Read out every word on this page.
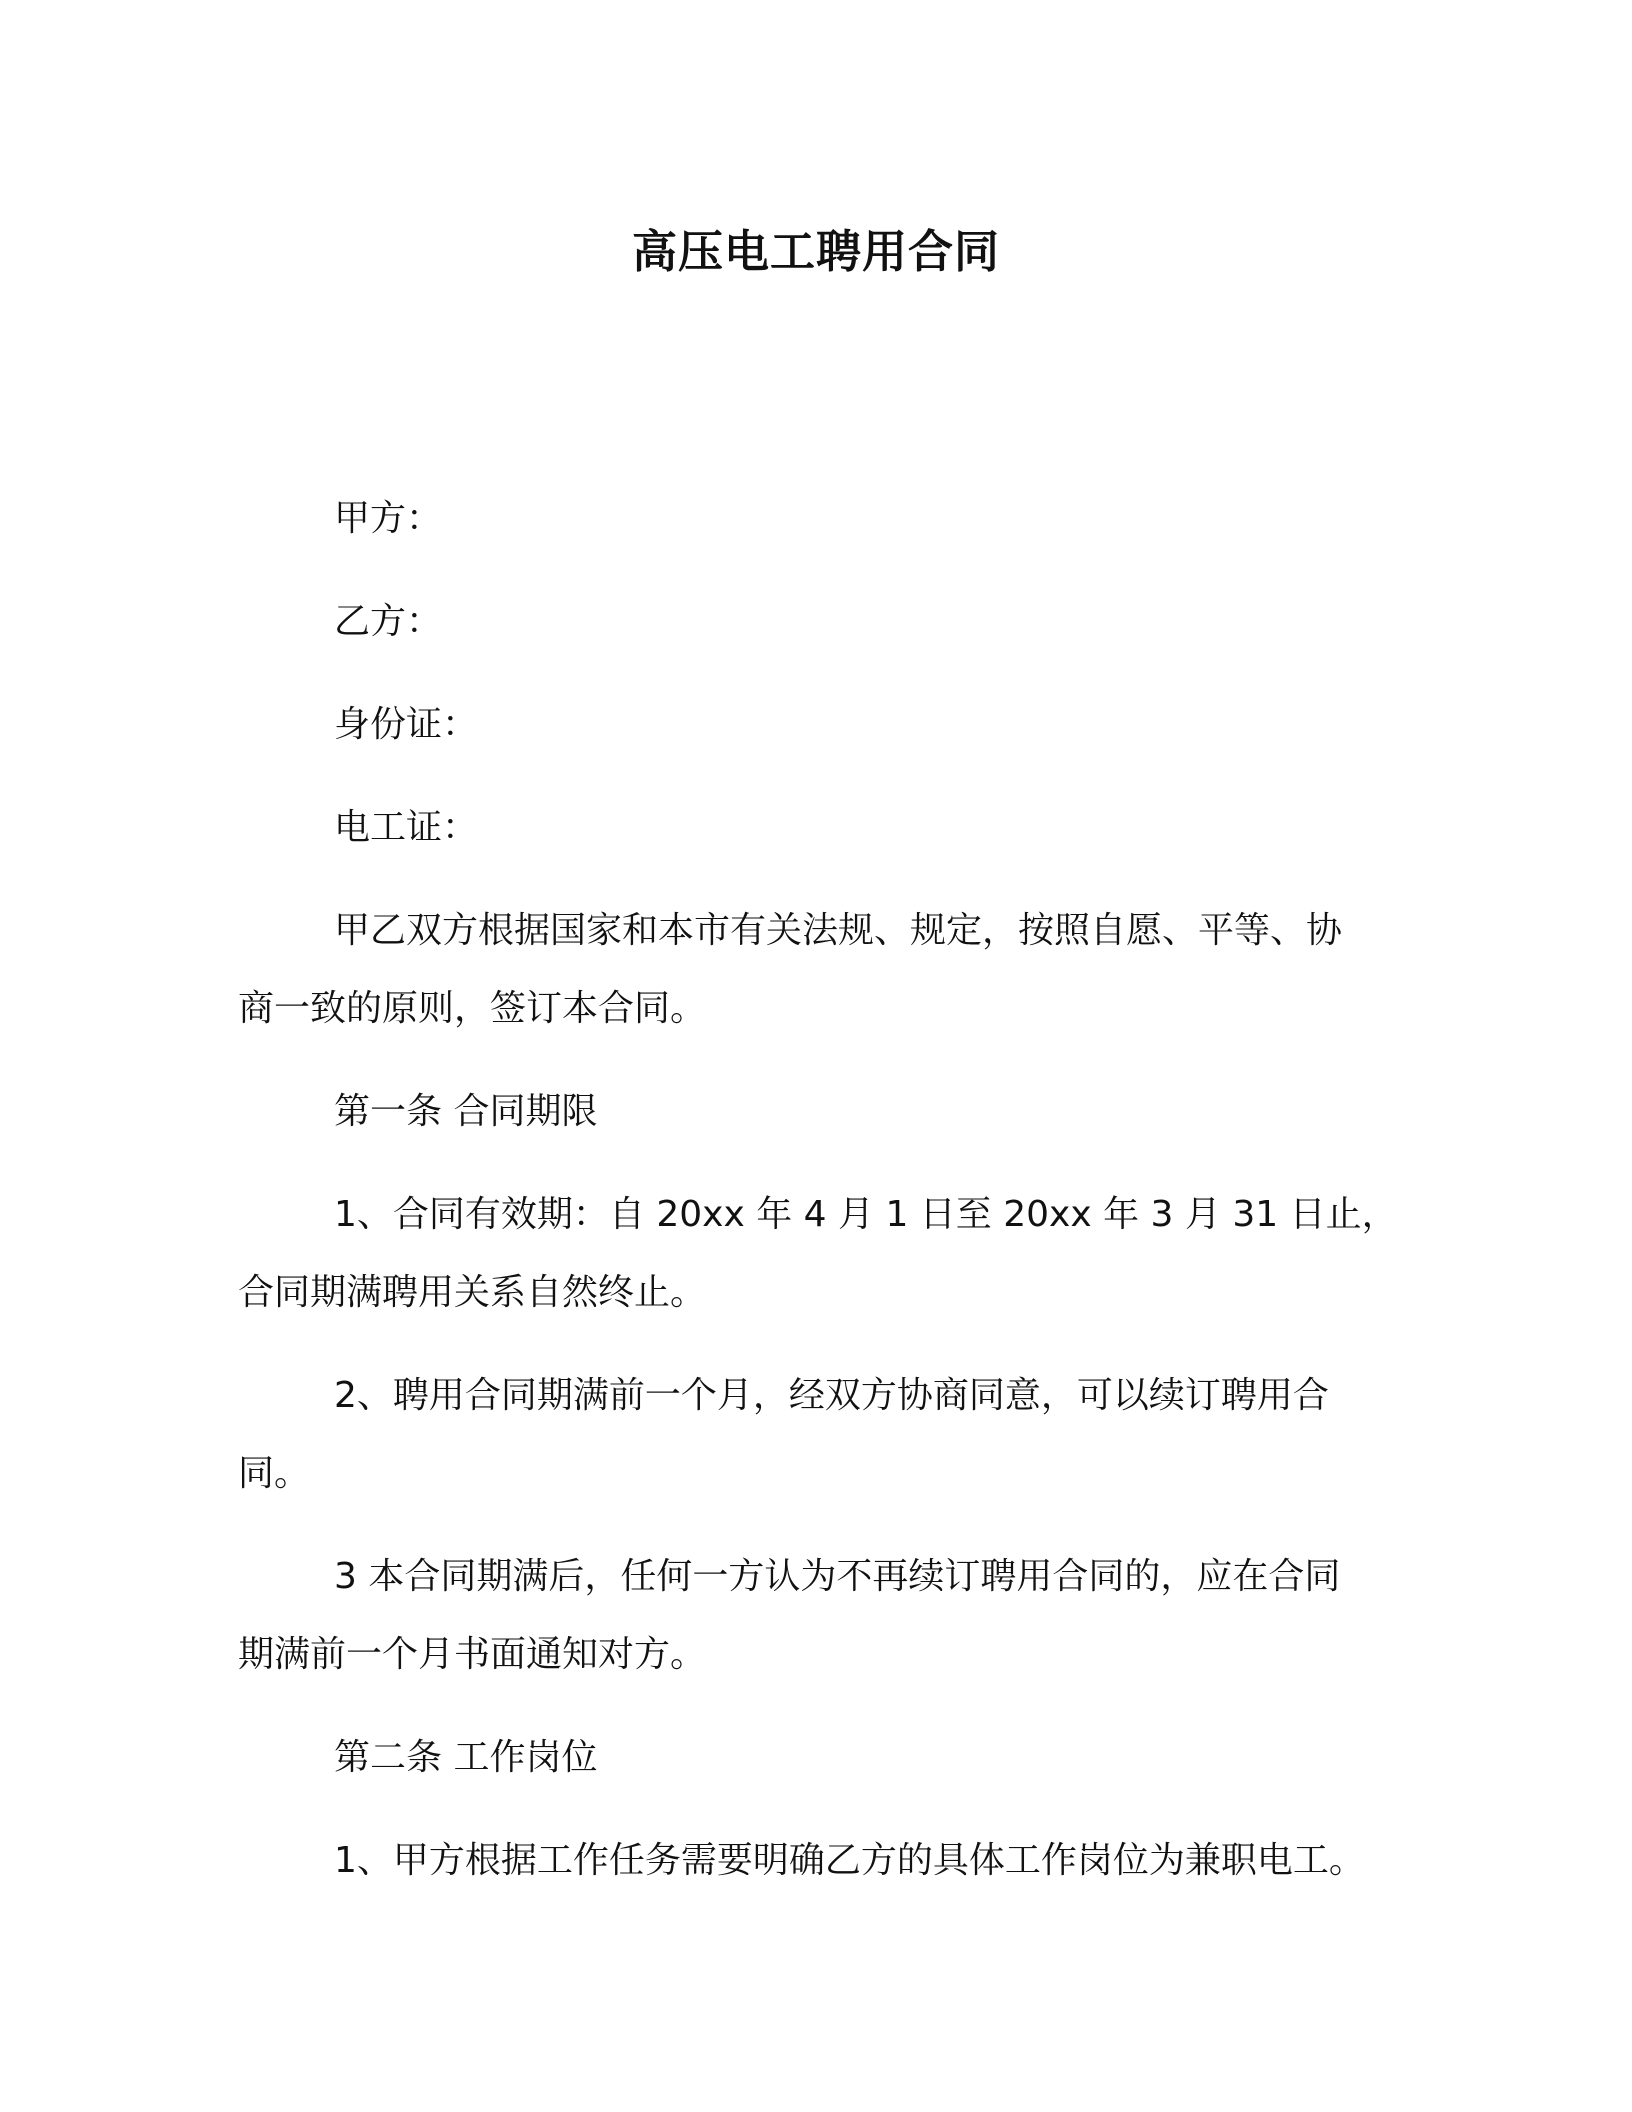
高压电工聘用合同

甲方：

乙方：

身份证：

电工证：

甲乙双方根据国家和本市有关法规、规定，按照自愿、平等、协

商一致的原则，签订本合同。

第一条 合同期限

1、合同有效期：自 20xx 年 4 月 1 日至 20xx 年 3 月 31 日止，

合同期满聘用关系自然终止。

2、聘用合同期满前一个月，经双方协商同意，可以续订聘用合

同。

3 本合同期满后，任何一方认为不再续订聘用合同的，应在合同

期满前一个月书面通知对方。

第二条 工作岗位

1、甲方根据工作任务需要明确乙方的具体工作岗位为兼职电工。
